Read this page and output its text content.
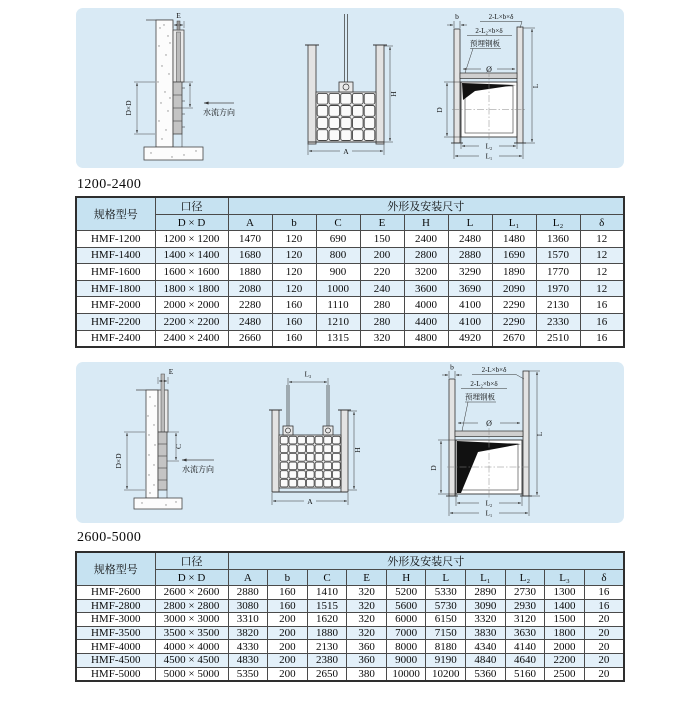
E
D×D	水流方向
H
A
b	2-L×b×δ
2-L₂×b×δ
预埋钢板
Ø
D
L
L₂
L₁
1200-2400
规格型号	口径	外形及安装尺寸								
	D × D	A	b	C	E	H	L	L₁	L₂	δ
HMF-1200	1200 × 1200	1470	120	690	150	2400	2480	1480	1360	12
HMF-1400	1400 × 1400	1680	120	800	200	2800	2880	1690	1570	12
HMF-1600	1600 × 1600	1880	120	900	220	3200	3290	1890	1770	12
HMF-1800	1800 × 1800	2080	120	1000	240	3600	3690	2090	1970	12
HMF-2000	2000 × 2000	2280	160	1110	280	4000	4100	2290	2130	16
HMF-2200	2200 × 2200	2480	160	1210	280	4400	4100	2290	2330	16
HMF-2400	2400 × 2400	2660	160	1315	320	4800	4920	2670	2510	16
E
C
D×D
水流方向
L₃
H
A
b	2-L×b×δ
2-L₂×b×δ
预埋钢板
Ø
D
L
L₂
L₁
2600-5000
规格型号	口径	外形及安装尺寸									
	D × D	A	b	C	E	H	L	L₁	L₂	L₃	δ
HMF-2600	2600 × 2600	2880	160	1410	320	5200	5330	2890	2730	1300	16
HMF-2800	2800 × 2800	3080	160	1515	320	5600	5730	3090	2930	1400	16
HMF-3000	3000 × 3000	3310	200	1620	320	6000	6150	3320	3120	1500	20
HMF-3500	3500 × 3500	3820	200	1880	320	7000	7150	3830	3630	1800	20
HMF-4000	4000 × 4000	4330	200	2130	360	8000	8180	4340	4140	2000	20
HMF-4500	4500 × 4500	4830	200	2380	360	9000	9190	4840	4640	2200	20
HMF-5000	5000 × 5000	5350	200	2650	380	10000	10200	5360	5160	2500	20
